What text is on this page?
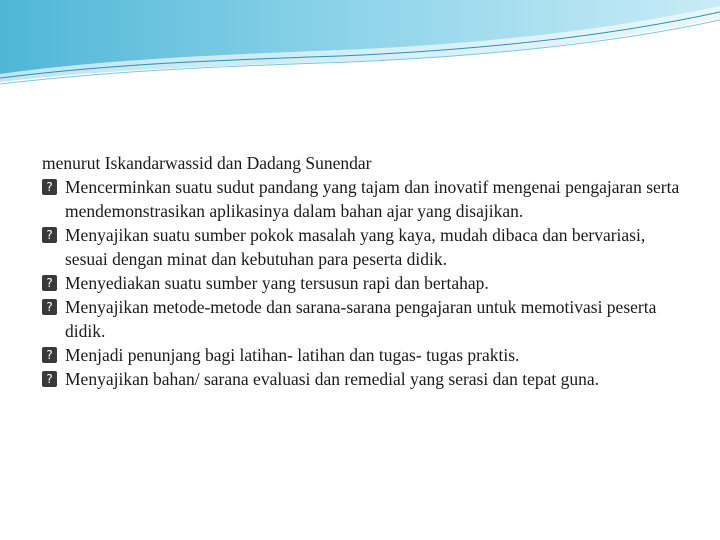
menurut Iskandarwassid dan Dadang Sunendar

? Mencerminkan suatu sudut pandang yang tajam dan inovatif mengenai pengajaran serta mendemonstrasikan aplikasinya dalam bahan ajar yang disajikan.

? Menyajikan suatu sumber pokok masalah yang kaya, mudah dibaca dan bervariasi, sesuai dengan minat dan kebutuhan para peserta didik.

? Menyediakan suatu sumber yang tersusun rapi dan bertahap.

? Menyajikan metode-metode dan sarana-sarana pengajaran untuk memotivasi peserta didik.

? Menjadi penunjang bagi latihan- latihan dan tugas- tugas praktis.

? Menyajikan bahan/ sarana evaluasi dan remedial yang serasi dan tepat guna.
